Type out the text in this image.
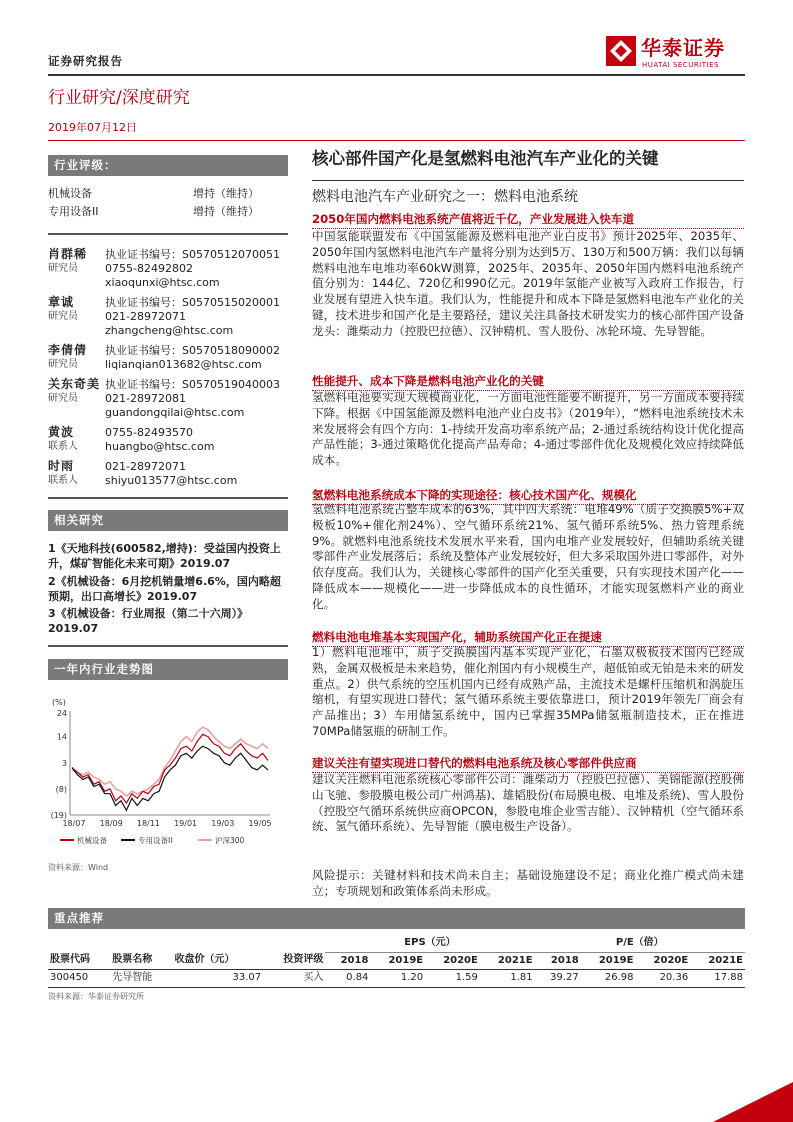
证券研究报告
华泰证券
HUATAI SECURITIES
行业研究/深度研究
2019年07月12日
行业评级：
机械设备	增持（维持）
专用设备II	增持（维持）
肖群稀
研究员
执业证书编号：S0570512070051
0755-82492802
xiaoqunxi@htsc.com
章诚
研究员
执业证书编号：S0570515020001
021-28972071
zhangcheng@htsc.com
李倩倩
研究员
执业证书编号：S0570518090002
liqianqian013682@htsc.com
关东奇美
研究员
执业证书编号：S0570519040003
021-28972081
guandongqilai@htsc.com
黄波
联系人
0755-82493570
huangbo@htsc.com
时雨
联系人
021-28972071
shiyu013577@htsc.com
相关研究
1《天地科技(600582,增持)：受益国内投资上升，煤矿智能化未来可期》2019.07
2《机械设备：6月挖机销量增6.6%，国内略超预期，出口高增长》2019.07
3《机械设备：行业周报（第二十六周）》2019.07
一年内行业走势图
(%)
24
14
3
(8)
(19)
18/07 18/09 18/11 19/01 19/03 19/05
机械设备	专用设备II	沪深300
资料来源：Wind
核心部件国产化是氢燃料电池汽车产业化的关键
燃料电池汽车产业研究之一：燃料电池系统
2050年国内燃料电池系统产值将近千亿，产业发展进入快车道
中国氢能联盟发布《中国氢能源及燃料电池产业白皮书》预计2025年、2035年、2050年国内氢燃料电池汽车产量将分别为达到5万、130万和500万辆：我们以每辆燃料电池车电堆功率60kW测算，2025年、2035年、2050年国内燃料电池系统产值分别为：144亿、720亿和990亿元。2019年氢能产业被写入政府工作报告，行业发展有望进入快车道。我们认为，性能提升和成本下降是氢燃料电池车产业化的关键，技术进步和国产化是主要路径，建议关注具备技术研发实力的核心部件国产设备龙头：潍柴动力（控股巴拉德）、汉钟精机、雪人股份、冰轮环境、先导智能。
性能提升、成本下降是燃料电池产业化的关键
氢燃料电池要实现大规模商业化，一方面电池性能要不断提升，另一方面成本要持续下降。根据《中国氢能源及燃料电池产业白皮书》（2019年），“燃料电池系统技术未来发展将会有四个方向：1-持续开发高功率系统产品；2-通过系统结构设计优化提高产品性能；3-通过策略优化提高产品寿命；4-通过零部件优化及规模化效应持续降低成本。
氢燃料电池系统成本下降的实现途径：核心技术国产化、规模化
氢燃料电池系统占整车成本的63%，其中四大系统：电堆49%（质子交换膜5%+双极板10%+催化剂24%）、空气循环系统21%、氢气循环系统5%、热力管理系统9%。就燃料电池系统技术发展水平来看，国内电堆产业发展较好，但辅助系统关键零部件产业发展落后；系统及整体产业发展较好，但大多采取国外进口零部件，对外依存度高。我们认为，关键核心零部件的国产化至关重要，只有实现技术国产化——降低成本——规模化——进一步降低成本的良性循环，才能实现氢燃料产业的商业化。
燃料电池电堆基本实现国产化，辅助系统国产化正在提速
1）燃料电池堆中，质子交换膜国内基本实现产业化，石墨双极板技术国内已经成熟，金属双极板是未来趋势，催化剂国内有小规模生产，超低铂或无铂是未来的研发重点。2）供气系统的空压机国内已经有成熟产品，主流技术是螺杆压缩机和涡旋压缩机，有望实现进口替代；氢气循环系统主要依靠进口，预计2019年领先厂商会有产品推出；3）车用储氢系统中，国内已掌握35MPa储氢瓶制造技术，正在推进70MPa储氢瓶的研制工作。
建议关注有望实现进口替代的燃料电池系统及核心零部件供应商
建议关注燃料电池系统核心零部件公司：潍柴动力（控股巴拉德）、美锦能源(控股佛山飞驰、参股膜电极公司广州鸿基)、雄韬股份(布局膜电极、电堆及系统)、雪人股份（控股空气循环系统供应商OPCON，参股电堆企业雪吉能）、汉钟精机（空气循环系统、氢气循环系统）、先导智能（膜电极生产设备）。
风险提示：关键材料和技术尚未自主；基础设施建设不足；商业化推广模式尚未建立；专项规划和政策体系尚未形成。
重点推荐
				EPS（元）				P/E（倍）			
股票代码	股票名称	收盘价（元）	投资评级	2018	2019E	2020E	2021E	2018	2019E	2020E	2021E
300450	先导智能	33.07	买入	0.84	1.20	1.59	1.81	39.27	26.98	20.36	17.88
资料来源：华泰证券研究所
1
